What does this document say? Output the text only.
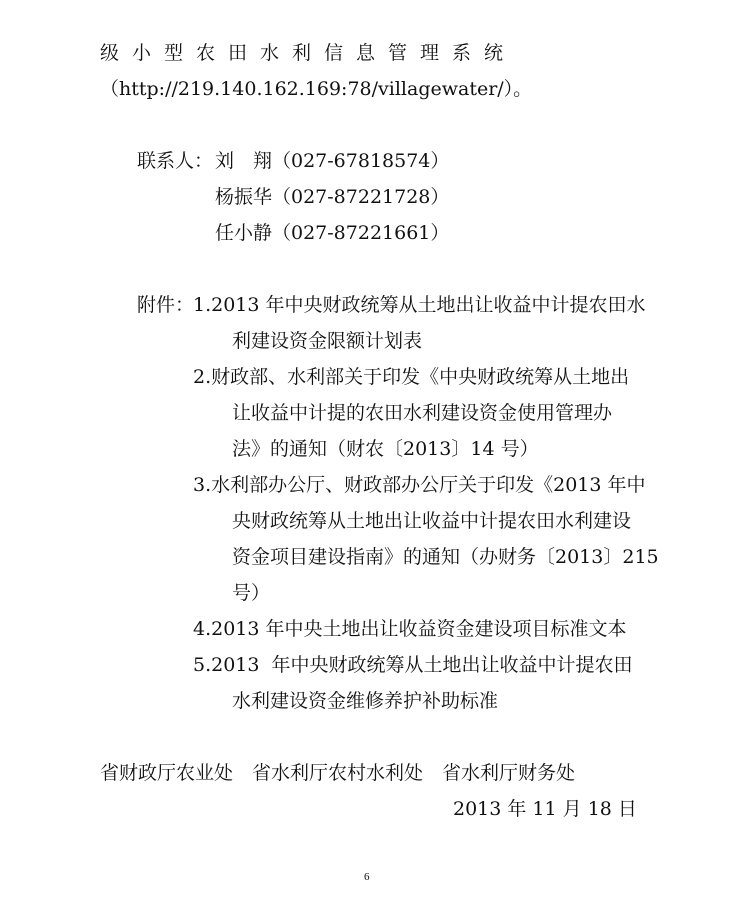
级小型农田水利信息管理系统

（http://219.140.162.169:78/villagewater/）。

联系人： 刘　翔（027-67818574）

杨振华（027-87221728）

任小静（027-87221661）

附件：

1.2013 年中央财政统筹从土地出让收益中计提农田水

利建设资金限额计划表

2.财政部、水利部关于印发《中央财政统筹从土地出

让收益中计提的农田水利建设资金使用管理办

法》的通知（财农〔2013〕14 号）

3.水利部办公厅、财政部办公厅关于印发《2013 年中

央财政统筹从土地出让收益中计提农田水利建设

资金项目建设指南》的通知（办财务〔2013〕215

号）

4.2013 年中央土地出让收益资金建设项目标准文本

5.2013  年中央财政统筹从土地出让收益中计提农田

水利建设资金维修养护补助标准

省财政厅农业处　省水利厅农村水利处　省水利厅财务处

2013 年 11 月 18 日

6
